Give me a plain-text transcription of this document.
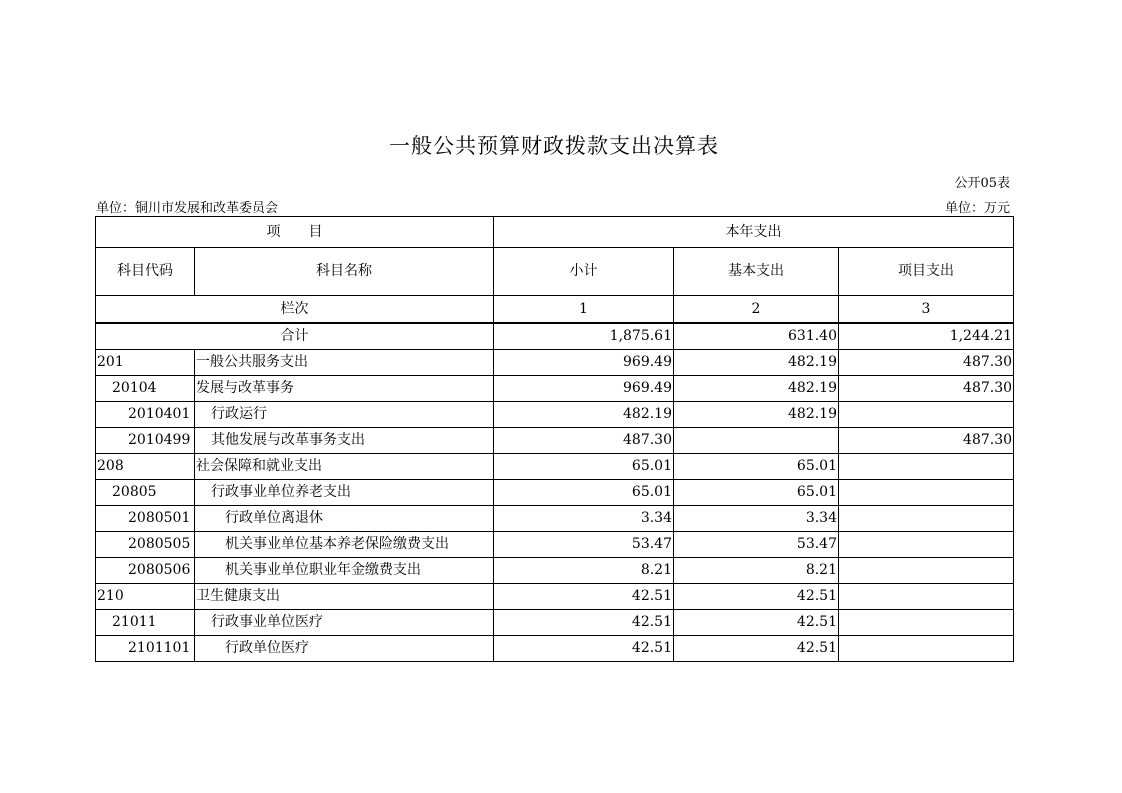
一般公共预算财政拨款支出决算表
公开05表
单位：铜川市发展和改革委员会	单位：万元
项　　目		本年支出		
科目代码	科目名称	小计	基本支出	项目支出
栏次		1	2	3
合计		1,875.61	631.40	1,244.21
201	一般公共服务支出	969.49	482.19	487.30
20104	发展与改革事务	969.49	482.19	487.30
2010401	行政运行	482.19	482.19	
2010499	其他发展与改革事务支出	487.30		487.30
208	社会保障和就业支出	65.01	65.01	
20805	行政事业单位养老支出	65.01	65.01	
2080501	行政单位离退休	3.34	3.34	
2080505	机关事业单位基本养老保险缴费支出	53.47	53.47	
2080506	机关事业单位职业年金缴费支出	8.21	8.21	
210	卫生健康支出	42.51	42.51	
21011	行政事业单位医疗	42.51	42.51	
2101101	行政单位医疗	42.51	42.51	
